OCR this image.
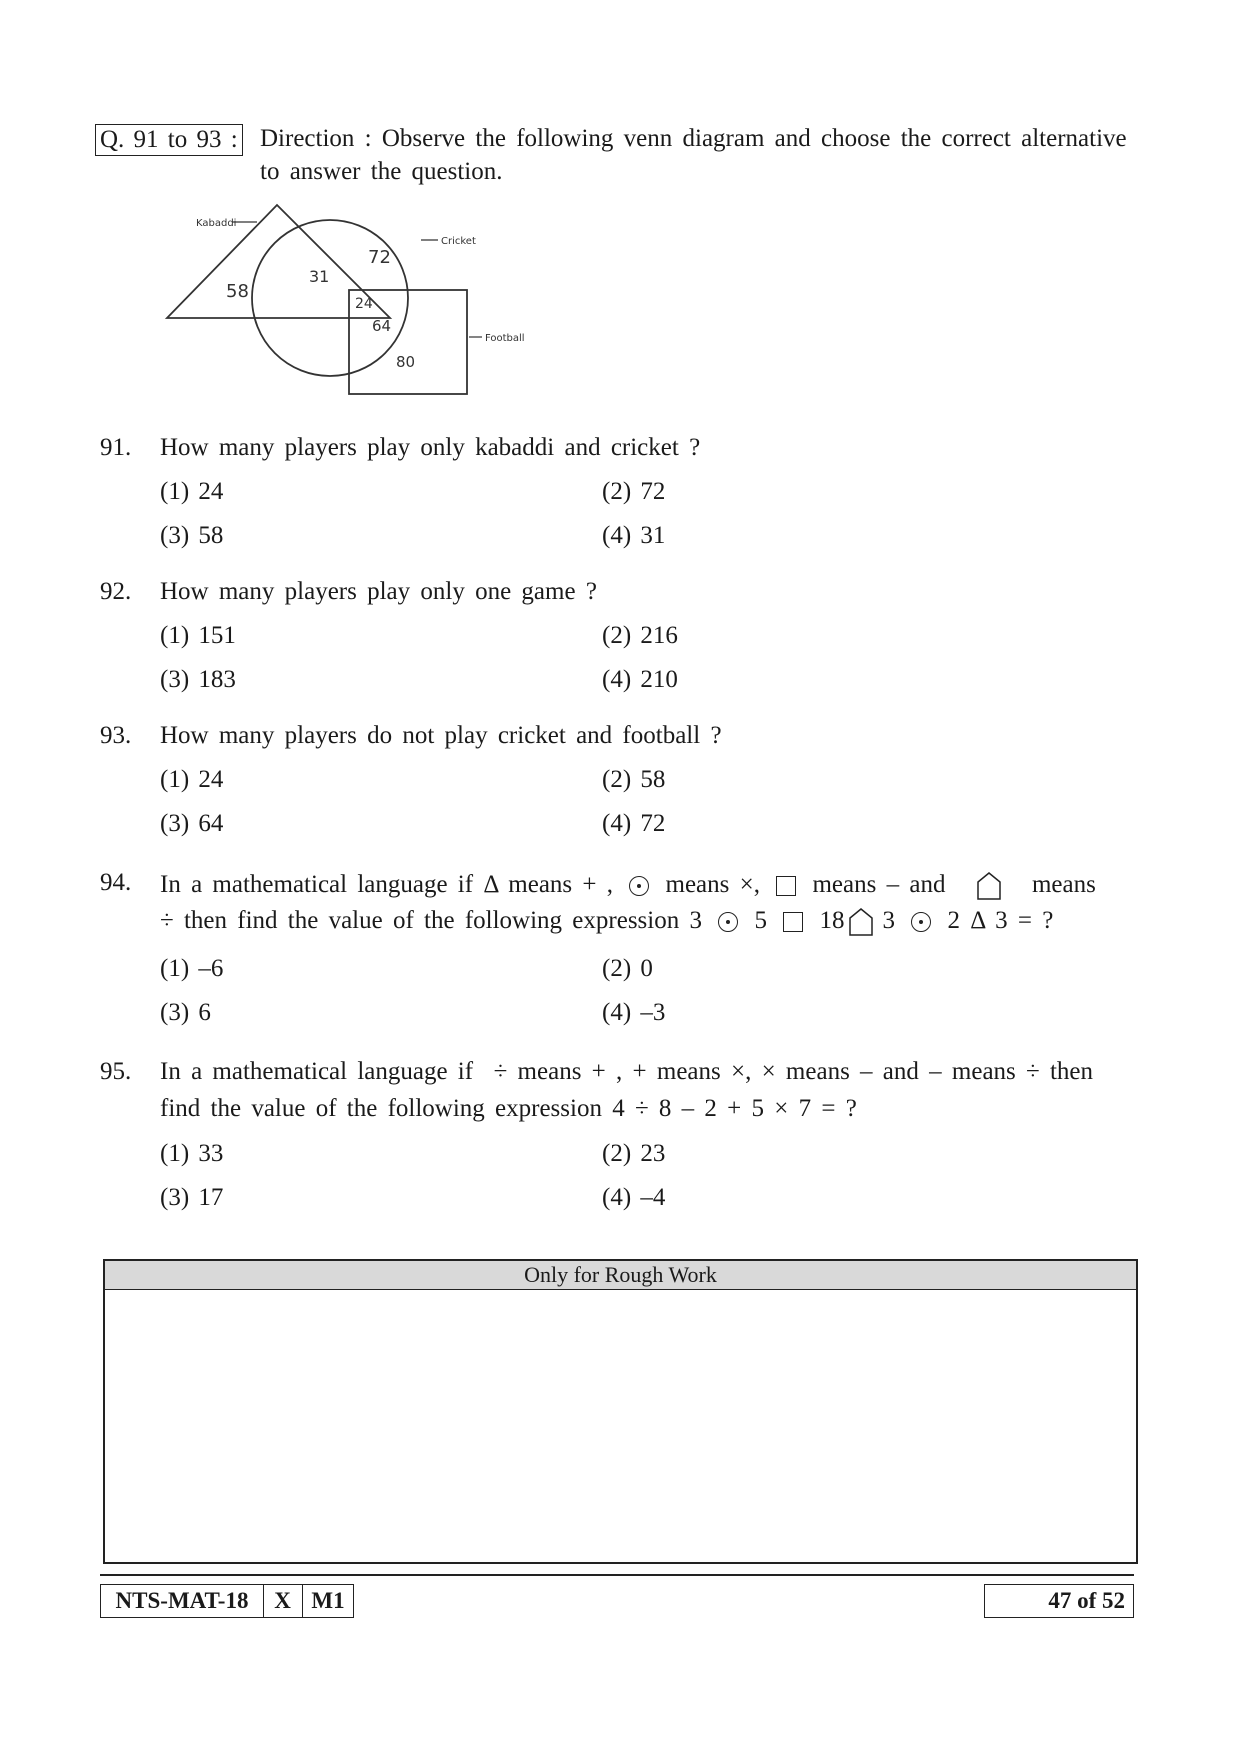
Q. 91 to 93 : Direction : Observe the following venn diagram and choose the correct alternative
to answer the question.
Kabaddi
Cricket
Football
58
31
72
24
64
80
91. How many players play only kabaddi and cricket ?
(1) 24	(2) 72
(3) 58	(4) 31
92. How many players play only one game ?
(1) 151	(2) 216
(3) 183	(4) 210
93. How many players do not play cricket and football ?
(1) 24	(2) 58
(3) 64	(4) 72
94. In a mathematical language if Δ means + , means ×, means – and	means
÷ then find the value of the following expression 3 5 18 3 2 Δ 3 = ?
(1) –6	(2) 0
(3) 6	(4) –3
95. In a mathematical language if  ÷ means + , + means ×, × means – and – means ÷ then
find the value of the following expression 4 ÷ 8 – 2 + 5 × 7 = ?
(1) 33	(2) 23
(3) 17	(4) –4
Only for Rough Work
NTS-MAT-18	X M1	47 of 52
